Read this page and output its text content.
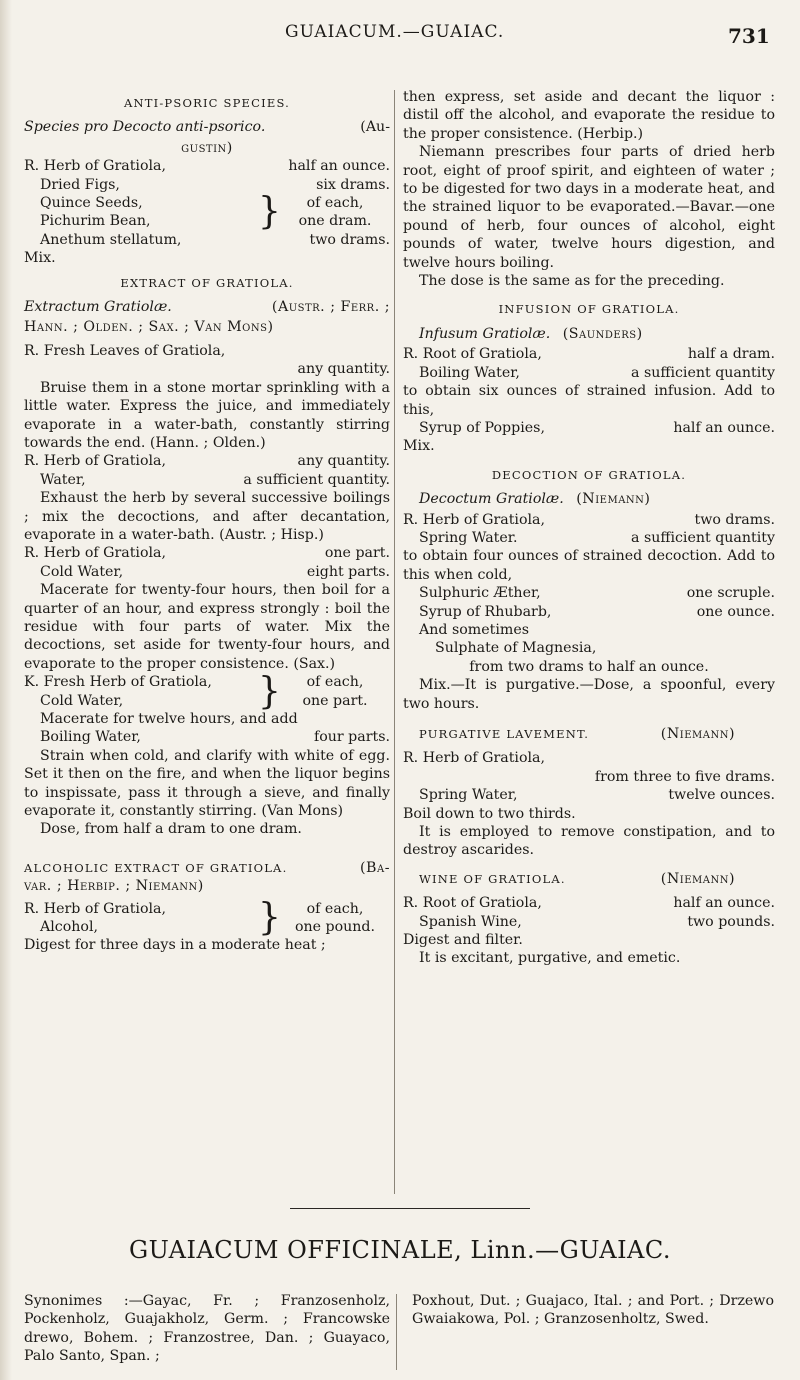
GUAIACUM.—GUAIAC.	731
ANTI-PSORIC SPECIES.
Species pro Decocto anti-psorico.	(Au-
gustin)
R. Herb of Gratiola,	half an ounce.
Dried Figs,	six drams.
Quince Seeds,
Pichurim Bean,	}	of each,
one dram.
Anethum stellatum,	two drams.
Mix.
EXTRACT OF GRATIOLA.
Extractum Gratiolæ.	(Austr. ; Ferr. ;
Hann. ; Olden. ; Sax. ; Van Mons)
R. Fresh Leaves of Gratiola,
any quantity.

Bruise them in a stone mortar sprinkling with a little water. Express the juice, and immediately evaporate in a water-bath, constantly stirring towards the end. (Hann. ; Olden.)

R. Herb of Gratiola,	any quantity.
Water,	a sufficient quantity.

Exhaust the herb by several successive boilings ; mix the decoctions, and after decantation, evaporate in a water-bath. (Austr. ; Hisp.)

R. Herb of Gratiola,	one part.
Cold Water,	eight parts.

Macerate for twenty-four hours, then boil for a quarter of an hour, and express strongly : boil the residue with four parts of water. Mix the decoctions, set aside for twenty-four hours, and evaporate to the proper consistence. (Sax.)

K. Fresh Herb of Gratiola,
Cold Water,	}	of each,
one part.

Macerate for twelve hours, and add

Boiling Water,	four parts.

Strain when cold, and clarify with white of egg. Set it then on the fire, and when the liquor begins to inspissate, pass it through a sieve, and finally evaporate it, constantly stirring. (Van Mons)

Dose, from half a dram to one dram.

ALCOHOLIC EXTRACT OF GRATIOLA.	(Ba-
var. ; Herbip. ; Niemann)
R. Herb of Gratiola,
Alcohol,	}	of each,
one pound.

Digest for three days in a moderate heat ;

then express, set aside and decant the liquor : distil off the alcohol, and evaporate the residue to the proper consistence. (Herbip.)

Niemann prescribes four parts of dried herb root, eight of proof spirit, and eighteen of water ; to be digested for two days in a moderate heat, and the strained liquor to be evaporated.—Bavar.—one pound of herb, four ounces of alcohol, eight pounds of water, twelve hours digestion, and twelve hours boiling.

The dose is the same as for the preceding.

INFUSION OF GRATIOLA.
Infusum Gratiolæ. (Saunders)
R. Root of Gratiola,	half a dram.
Boiling Water,	a sufficient quantity

to obtain six ounces of strained infusion. Add to this,

Syrup of Poppies,	half an ounce.
Mix.
DECOCTION OF GRATIOLA.
Decoctum Gratiolæ. (Niemann)
R. Herb of Gratiola,	two drams.
Spring Water.	a sufficient quantity

to obtain four ounces of strained decoction. Add to this when cold,

Sulphuric Æther,	one scruple.
Syrup of Rhubarb,	one ounce.
And sometimes
Sulphate of Magnesia,
from two drams to half an ounce.

Mix.—It is purgative.—Dose, a spoonful, every two hours.

PURGATIVE LAVEMENT.	(Niemann)
R. Herb of Gratiola,
from three to five drams.
Spring Water,	twelve ounces.

Boil down to two thirds.

It is employed to remove constipation, and to destroy ascarides.

WINE OF GRATIOLA.	(Niemann)
R. Root of Gratiola,	half an ounce.
Spanish Wine,	two pounds.

Digest and filter.

It is excitant, purgative, and emetic.

GUAIACUM OFFICINALE, Linn.—GUAIAC.

Synonimes :—Gayac, Fr. ; Franzosenholz, Pockenholz, Guajakholz, Germ. ; Francowske drewo, Bohem. ; Franzostree, Dan. ; Guayaco, Palo Santo, Span. ;

Poxhout, Dut. ; Guajaco, Ital. ; and Port. ; Drzewo Gwaiakowa, Pol. ; Granzosenholtz, Swed.
